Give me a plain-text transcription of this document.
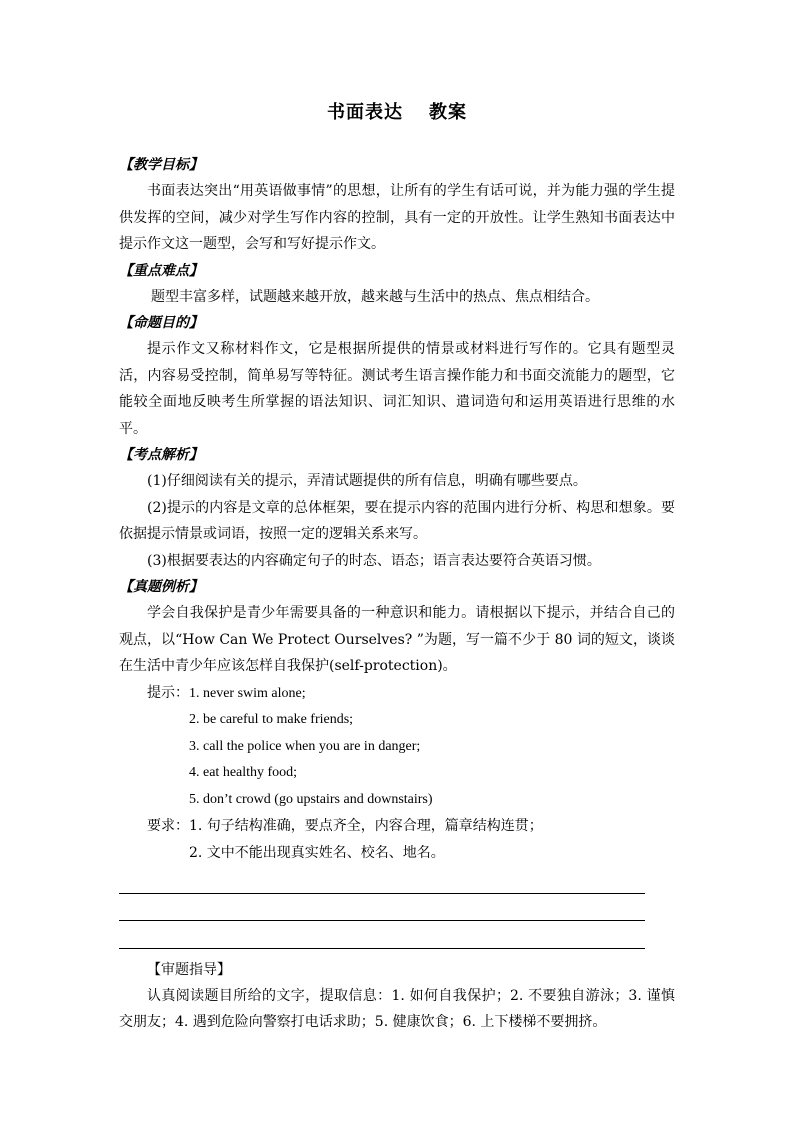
书面表达 教案
【教学目标】

书面表达突出“用英语做事情”的思想，让所有的学生有话可说，并为能力强的学生提供发挥的空间，减少对学生写作内容的控制，具有一定的开放性。让学生熟知书面表达中提示作文这一题型，会写和写好提示作文。

【重点难点】

题型丰富多样，试题越来越开放，越来越与生活中的热点、焦点相结合。

【命题目的】

提示作文又称材料作文，它是根据所提供的情景或材料进行写作的。它具有题型灵活，内容易受控制，简单易写等特征。测试考生语言操作能力和书面交流能力的题型，它能较全面地反映考生所掌握的语法知识、词汇知识、遣词造句和运用英语进行思维的水平。

【考点解析】

(1)仔细阅读有关的提示，弄清试题提供的所有信息，明确有哪些要点。

(2)提示的内容是文章的总体框架，要在提示内容的范围内进行分析、构思和想象。要依据提示情景或词语，按照一定的逻辑关系来写。

(3)根据要表达的内容确定句子的时态、语态；语言表达要符合英语习惯。

【真题例析】

学会自我保护是青少年需要具备的一种意识和能力。请根据以下提示，并结合自己的观点，以“How Can We Protect Ourselves? ”为题，写一篇不少于 80 词的短文，谈谈在生活中青少年应该怎样自我保护(self-protection)。

提示：1. never swim alone;
2. be careful to make friends;
3. call the police when you are in danger;
4. eat healthy food;
5. don’t crowd (go upstairs and downstairs)
要求：1. 句子结构准确，要点齐全，内容合理，篇章结构连贯；
2. 文中不能出现真实姓名、校名、地名。
【审题指导】

认真阅读题目所给的文字，提取信息：1. 如何自我保护；2. 不要独自游泳；3. 谨慎交朋友；4. 遇到危险向警察打电话求助；5. 健康饮食；6. 上下楼梯不要拥挤。
